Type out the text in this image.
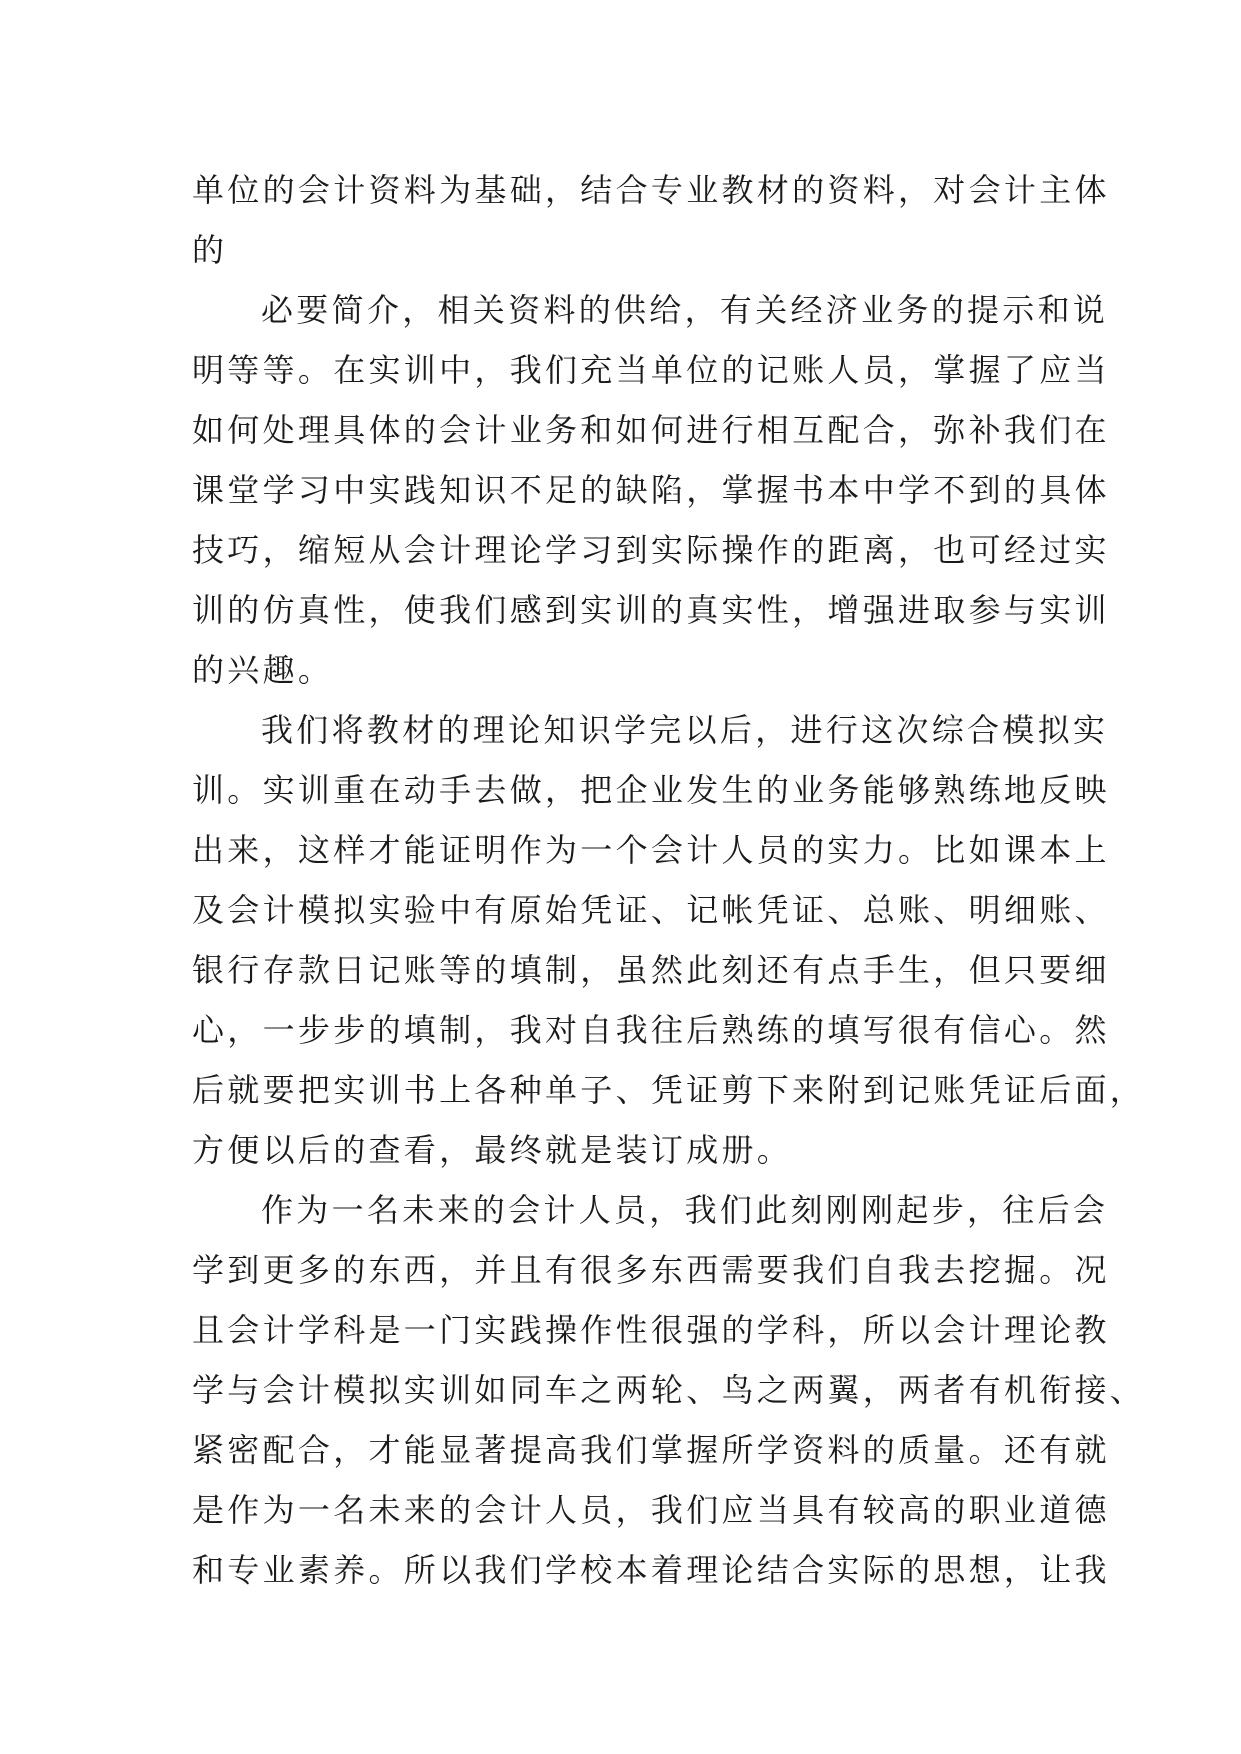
单位的会计资料为基础，结合专业教材的资料，对会计主体
的
必要简介，相关资料的供给，有关经济业务的提示和说
明等等。在实训中，我们充当单位的记账人员，掌握了应当
如何处理具体的会计业务和如何进行相互配合，弥补我们在
课堂学习中实践知识不足的缺陷，掌握书本中学不到的具体
技巧，缩短从会计理论学习到实际操作的距离，也可经过实
训的仿真性，使我们感到实训的真实性，增强进取参与实训
的兴趣。
我们将教材的理论知识学完以后，进行这次综合模拟实
训。实训重在动手去做，把企业发生的业务能够熟练地反映
出来，这样才能证明作为一个会计人员的实力。比如课本上
及会计模拟实验中有原始凭证、记帐凭证、总账、明细账、
银行存款日记账等的填制，虽然此刻还有点手生，但只要细
心，一步步的填制，我对自我往后熟练的填写很有信心。然
后就要把实训书上各种单子、凭证剪下来附到记账凭证后面，
方便以后的查看，最终就是装订成册。
作为一名未来的会计人员，我们此刻刚刚起步，往后会
学到更多的东西，并且有很多东西需要我们自我去挖掘。况
且会计学科是一门实践操作性很强的学科，所以会计理论教
学与会计模拟实训如同车之两轮、鸟之两翼，两者有机衔接、
紧密配合，才能显著提高我们掌握所学资料的质量。还有就
是作为一名未来的会计人员，我们应当具有较高的职业道德
和专业素养。所以我们学校本着理论结合实际的思想，让我
